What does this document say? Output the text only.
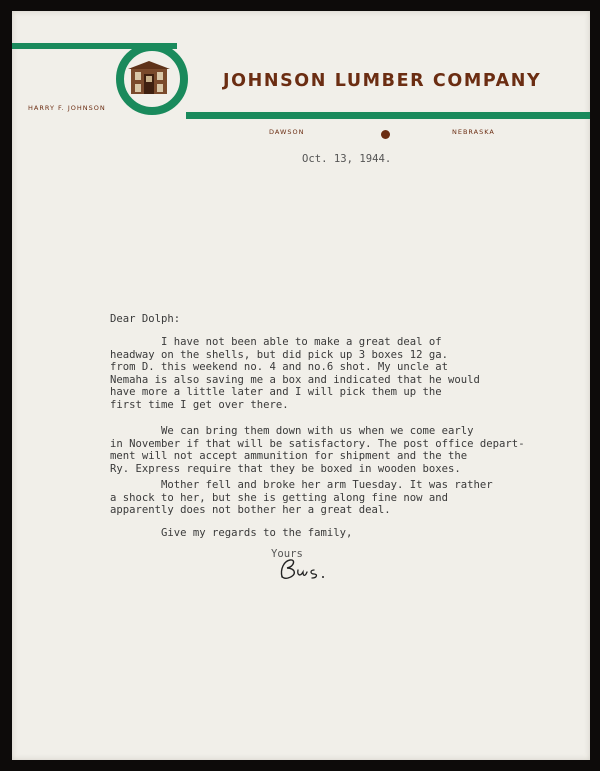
JOHNSON LUMBER COMPANY
HARRY F. JOHNSON
DAWSON	NEBRASKA
Oct. 13, 1944.
Dear Dolph:
I have not been able to make a great deal of
headway on the shells, but did pick up 3 boxes 12 ga.
from D. this weekend no. 4 and no.6 shot. My uncle at
Nemaha is also saving me a box and indicated that he would
have more a little later and I will pick them up the
first time I get over there.
We can bring them down with us when we come early
in November if that will be satisfactory. The post office depart-
ment will not accept ammunition for shipment and the the
Ry. Express require that they be boxed in wooden boxes.
Mother fell and broke her arm Tuesday. It was rather
a shock to her, but she is getting along fine now and
apparently does not bother her a great deal.
Give my regards to the family,
Yours
